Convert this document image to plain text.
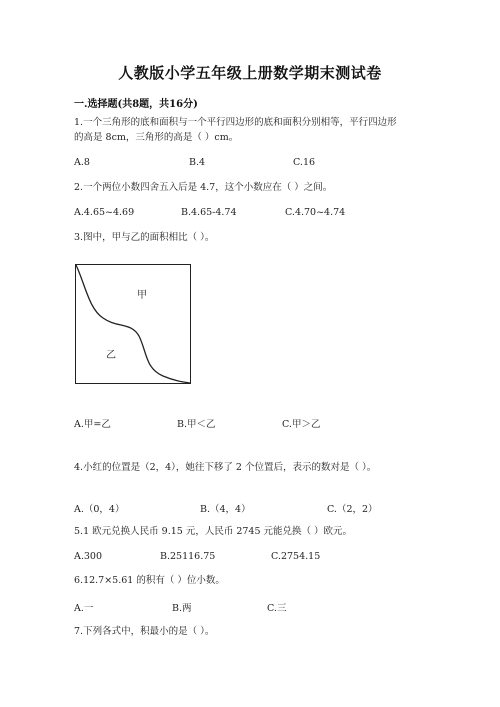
人教版小学五年级上册数学期末测试卷
一.选择题(共8题，共16分)
1.一个三角形的底和面积与一个平行四边形的底和面积分别相等，平行四边形
的高是 8cm，三角形的高是（ ）cm。
A.8	B.4	C.16
2.一个两位小数四舍五入后是 4.7，这个小数应在（ ）之间。
A.4.65~4.69	B.4.65-4.74	C.4.70~4.74
3.图中，甲与乙的面积相比（ ）。
甲
乙
A.甲=乙	B.甲＜乙	C.甲＞乙
4.小红的位置是（2，4），她往下移了 2 个位置后，表示的数对是（ ）。
A.（0，4）	B.（4，4）	C.（2，2）
5.1 欧元兑换人民币 9.15 元，人民币 2745 元能兑换（ ）欧元。
A.300	B.25116.75	C.2754.15
6.12.7×5.61 的积有（ ）位小数。
A.一	B.两	C.三
7.下列各式中，积最小的是（ ）。
